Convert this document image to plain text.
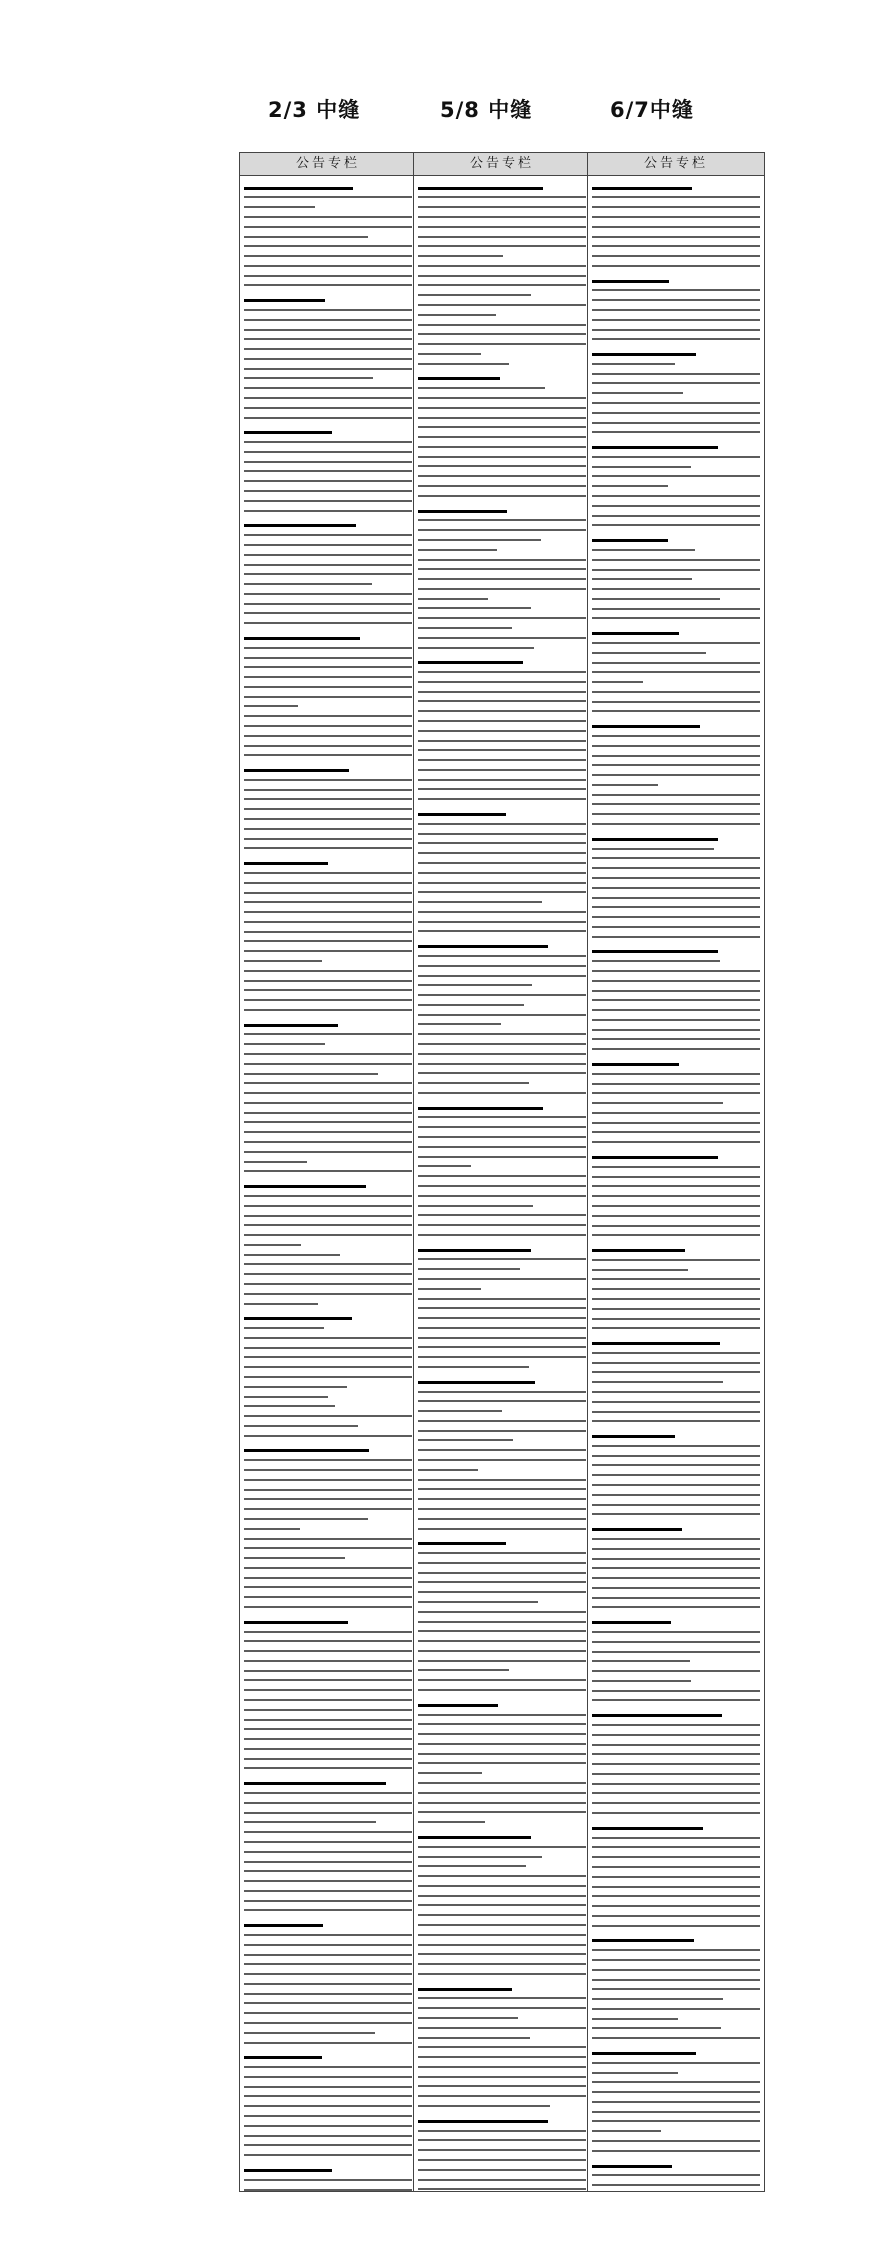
2/3 中缝	5/8 中缝	6/7中缝
公告专栏	公告专栏	公告专栏
